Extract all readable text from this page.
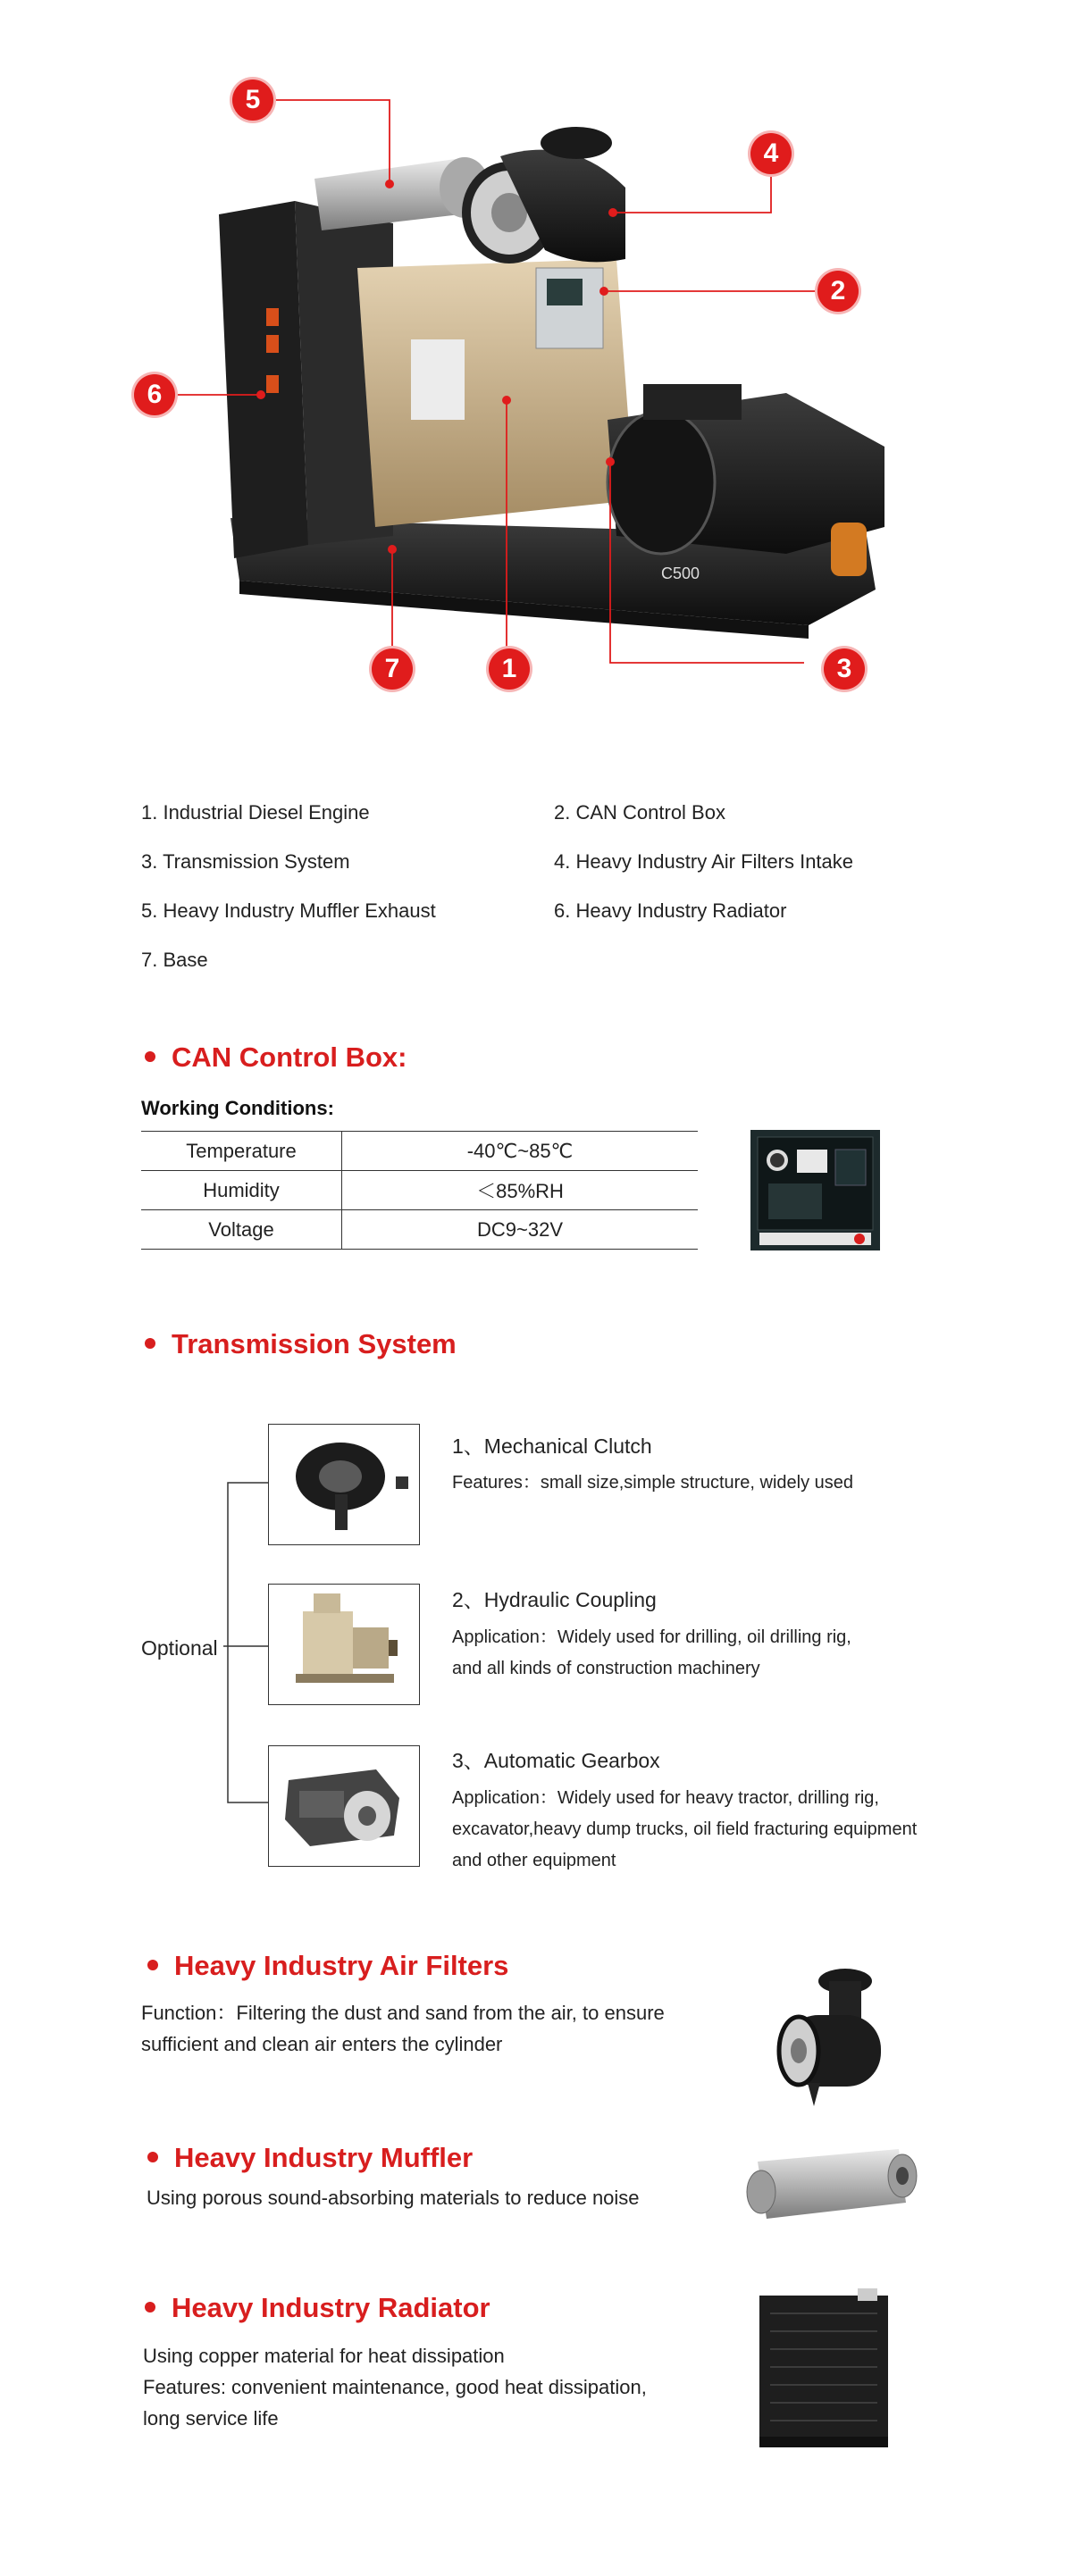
C500
5
4
2
6
7	1	3
1. Industrial Diesel Engine	2. CAN Control Box
3. Transmission System	4. Heavy Industry Air Filters Intake
5. Heavy Industry Muffler Exhaust	6. Heavy Industry Radiator
7. Base
CAN Control Box:
Working Conditions:
Temperature	-40℃~85℃
Humidity	＜85%RH
Voltage	DC9~32V
Transmission System
Optional
1、Mechanical Clutch
Features：small size,simple structure, widely used
2、Hydraulic Coupling
Application：Widely used for drilling, oil drilling rig,
and all kinds of construction machinery
3、Automatic Gearbox
Application：Widely used for heavy tractor, drilling rig,
excavator,heavy dump trucks, oil field fracturing equipment
and other equipment
Heavy Industry Air Filters
Function：Filtering the dust and sand from the air, to ensure
sufficient and clean air enters the cylinder
Heavy Industry Muffler
Using porous sound-absorbing materials to reduce noise
Heavy Industry Radiator
Using copper material for heat dissipation
Features: convenient maintenance, good heat dissipation,
long service life
